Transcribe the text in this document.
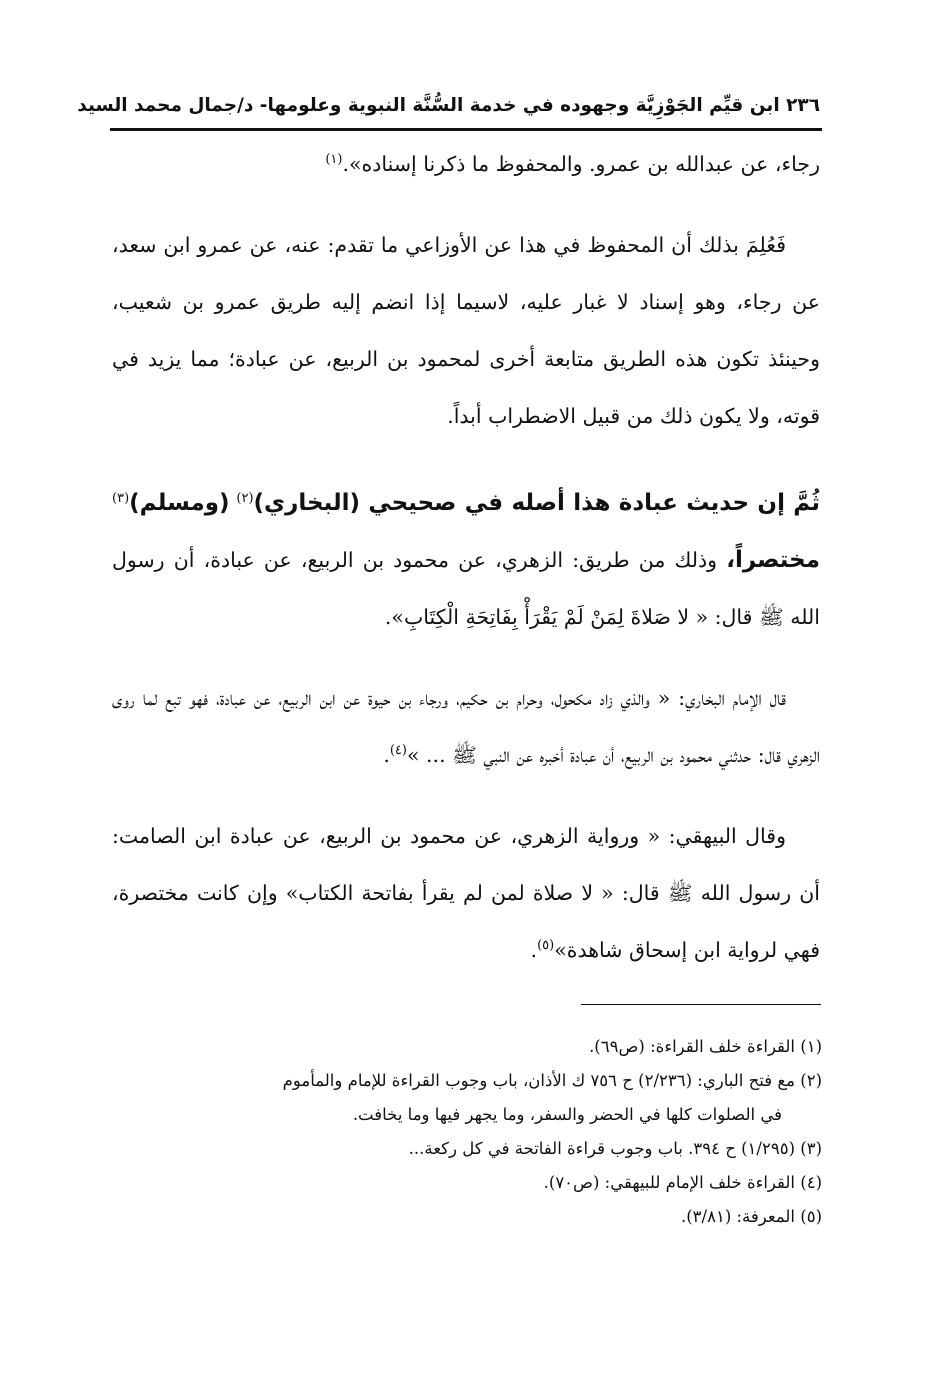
٢٣٦ ابن قيِّم الجَوْزِيَّة وجهوده في خدمة السُّنَّة النبوية وعلومها- د/جمال محمد السيد

رجاء، عن عبدالله بن عمرو. والمحفوظ ما ذكرنا إسناده».$^{(١)}$

فَعُلِمَ بذلك أن المحفوظ في هذا عن الأوزاعي ما تقدم: عنه، عن عمرو ابن سعد، عن رجاء، وهو إسناد لا غبار عليه، لاسيما إذا انضم إليه طريق عمرو بن شعيب، وحينئذ تكون هذه الطريق متابعة أخرى لمحمود بن الربيع، عن عبادة؛ مما يزيد في قوته، ولا يكون ذلك من قبيل الاضطراب أبداً.

ثُمَّ إن حديث عبادة هذا أصله في صحيحي (البخاري)$^{(٢)}$ (ومسلم)$^{(٣)}$ مختصراً، وذلك من طريق: الزهري، عن محمود بن الربيع، عن عبادة، أن رسول الله ﷺ قال: « لا صَلاةَ لِمَنْ لَمْ يَقْرَأْ بِفَاتِحَةِ الْكِتَابِ».

قال الإمام البخاري: « والذي زاد مكحول، وحرام بن حكيم، ورجاء بن حيوة عن ابن الربيع، عن عبادة، فهو تبع لما روى الزهري قال: حدثني محمود بن الربيع، أن عبادة أخبره عن النبي ﷺ ... »$^{(٤)}$.

وقال البيهقي: « ورواية الزهري، عن محمود بن الربيع، عن عبادة ابن الصامت: أن رسول الله ﷺ قال: « لا صلاة لمن لم يقرأ بفاتحة الكتاب» وإن كانت مختصرة، فهي لرواية ابن إسحاق شاهدة»$^{(٥)}$.

(١) القراءة خلف القراءة: (ص٦٩).

(٢) مع فتح الباري: (٢/٢٣٦) ح ٧٥٦ ك الأذان، باب وجوب القراءة للإمام والمأموم

في الصلوات كلها في الحضر والسفر، وما يجهر فيها وما يخافت.

(٣) (١/٢٩٥) ح ٣٩٤. باب وجوب قراءة الفاتحة في كل ركعة...

(٤) القراءة خلف الإمام للبيهقي: (ص٧٠).

(٥) المعرفة: (٣/٨١).
